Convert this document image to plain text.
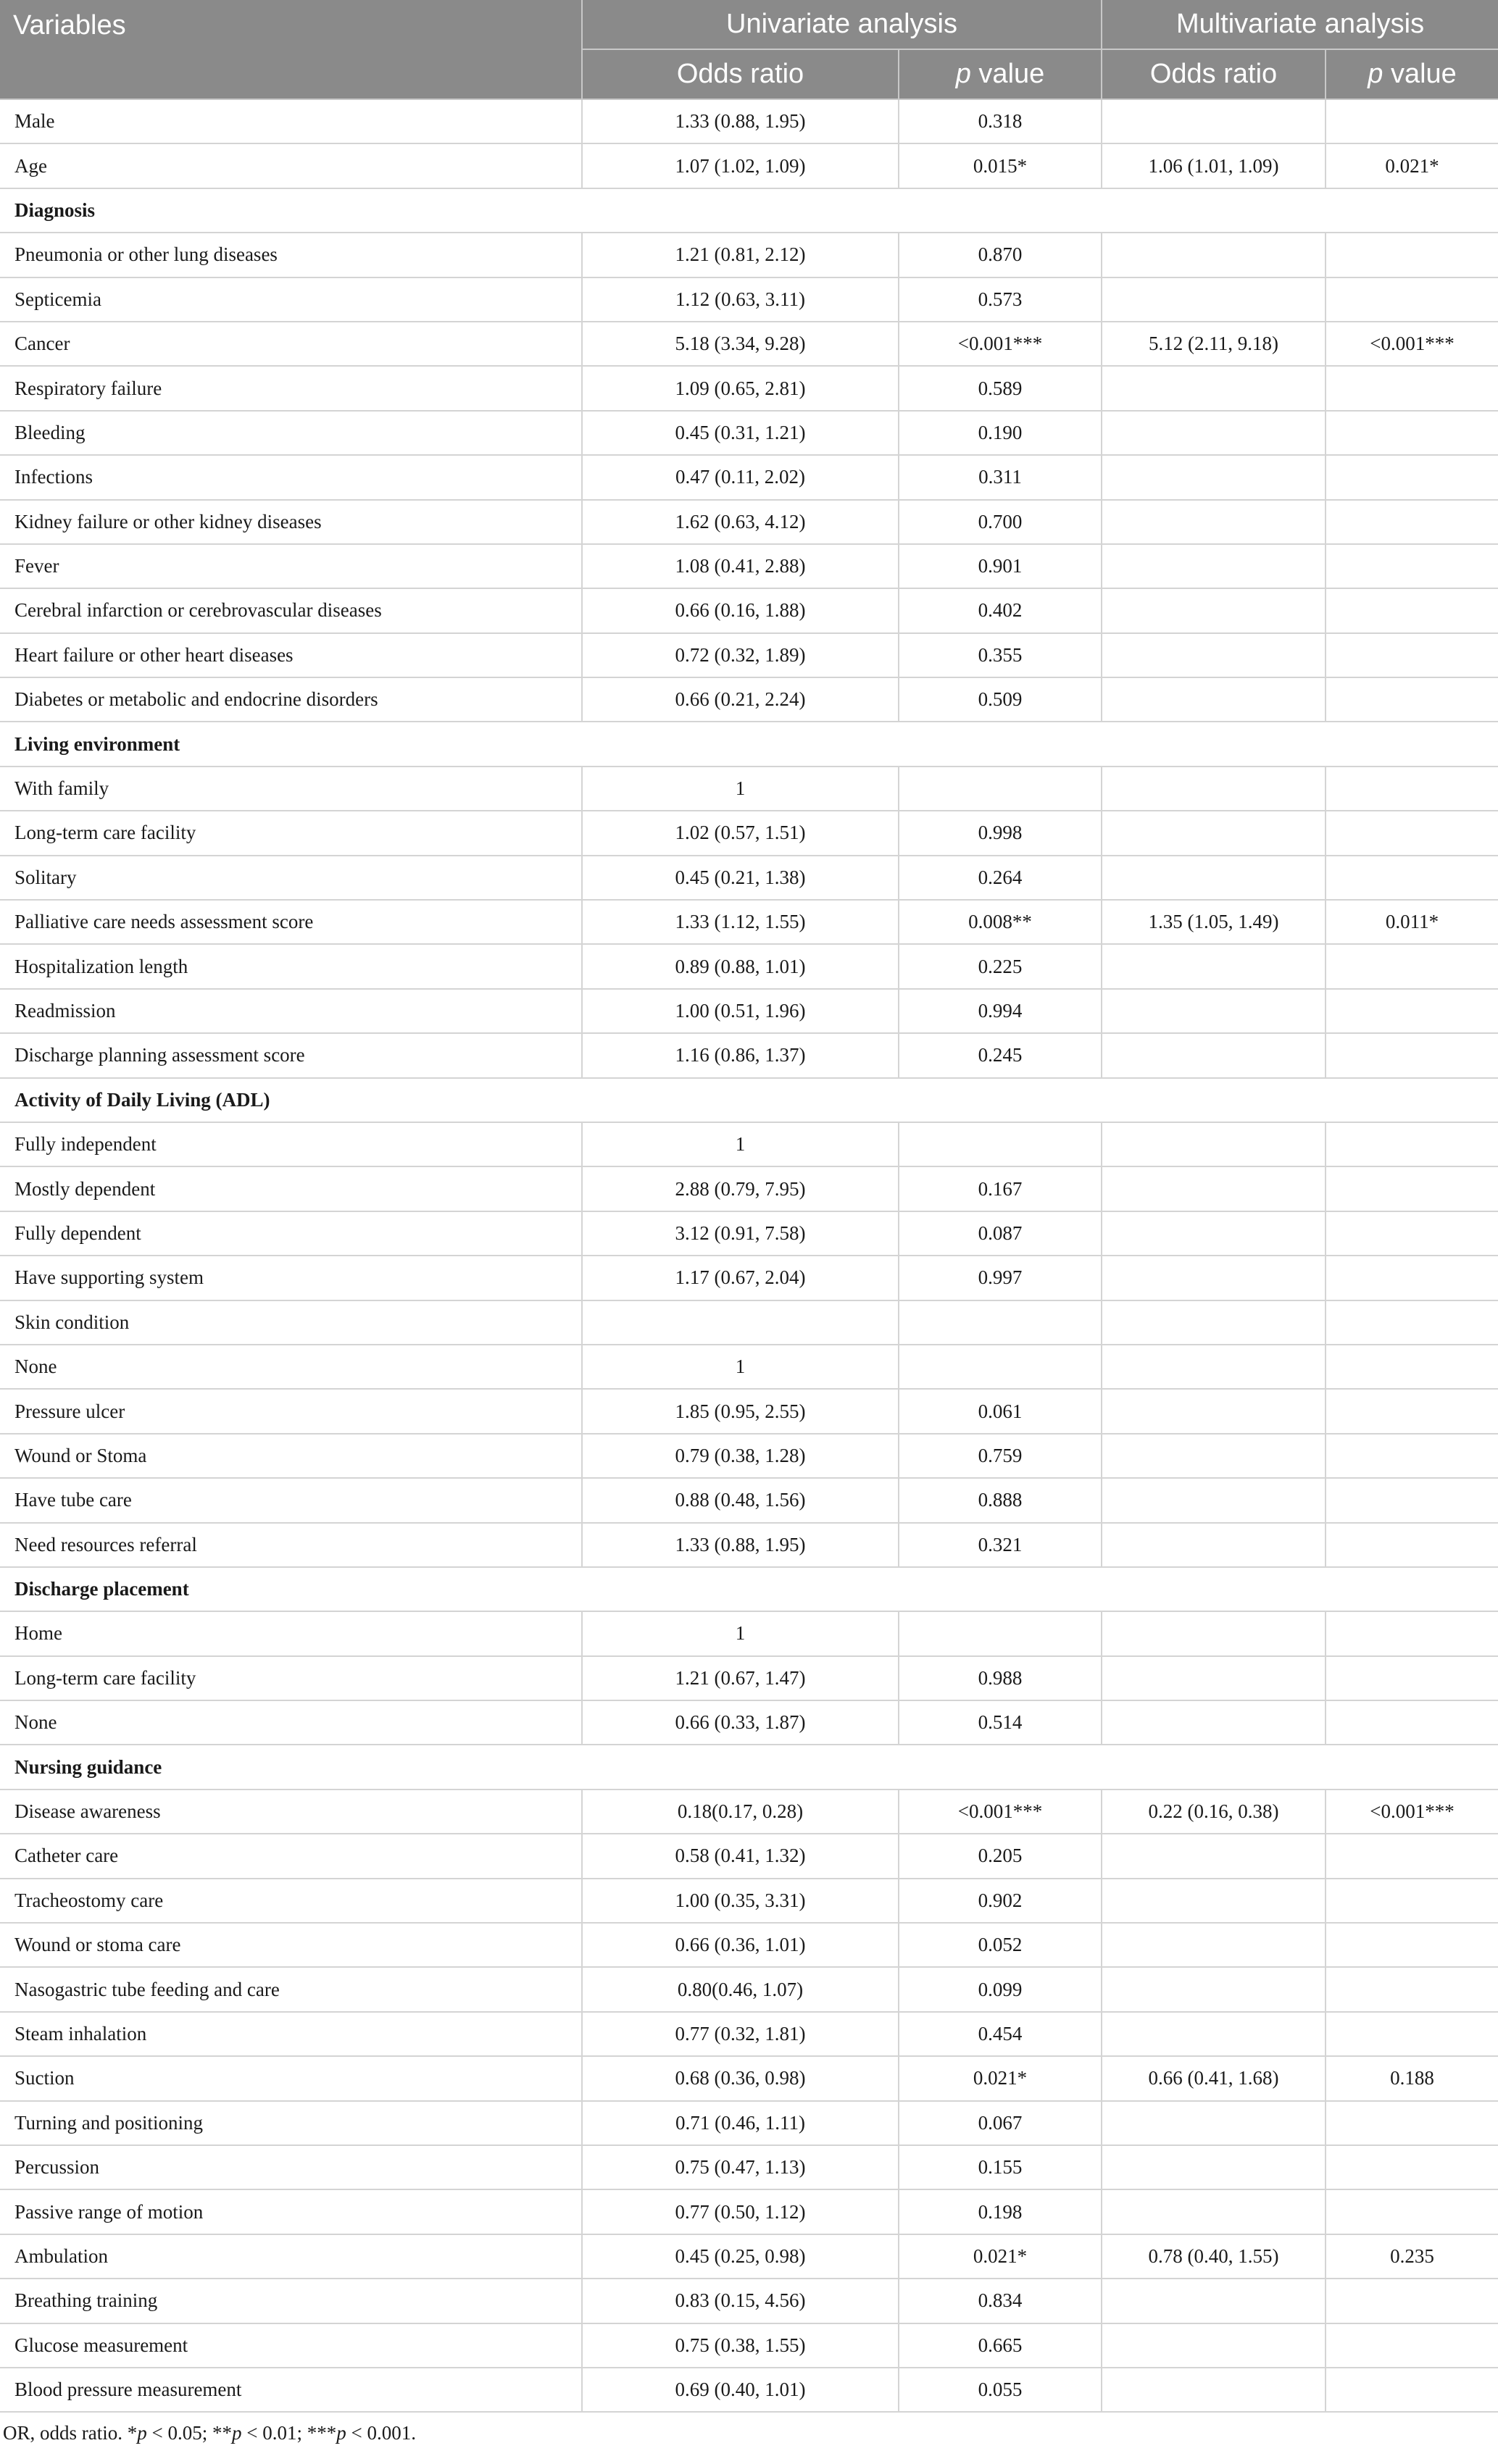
Variables	Univariate analysis		Multivariate analysis	
	Odds ratio	p value	Odds ratio	p value
Male	1.33 (0.88, 1.95)	0.318		
Age	1.07 (1.02, 1.09)	0.015*	1.06 (1.01, 1.09)	0.021*
Diagnosis				
Pneumonia or other lung diseases	1.21 (0.81, 2.12)	0.870		
Septicemia	1.12 (0.63, 3.11)	0.573		
Cancer	5.18 (3.34, 9.28)	<0.001***	5.12 (2.11, 9.18)	<0.001***
Respiratory failure	1.09 (0.65, 2.81)	0.589		
Bleeding	0.45 (0.31, 1.21)	0.190		
Infections	0.47 (0.11, 2.02)	0.311		
Kidney failure or other kidney diseases	1.62 (0.63, 4.12)	0.700		
Fever	1.08 (0.41, 2.88)	0.901		
Cerebral infarction or cerebrovascular diseases	0.66 (0.16, 1.88)	0.402		
Heart failure or other heart diseases	0.72 (0.32, 1.89)	0.355		
Diabetes or metabolic and endocrine disorders	0.66 (0.21, 2.24)	0.509		
Living environment				
With family	1			
Long-term care facility	1.02 (0.57, 1.51)	0.998		
Solitary	0.45 (0.21, 1.38)	0.264		
Palliative care needs assessment score	1.33 (1.12, 1.55)	0.008**	1.35 (1.05, 1.49)	0.011*
Hospitalization length	0.89 (0.88, 1.01)	0.225		
Readmission	1.00 (0.51, 1.96)	0.994		
Discharge planning assessment score	1.16 (0.86, 1.37)	0.245		
Activity of Daily Living (ADL)				
Fully independent	1			
Mostly dependent	2.88 (0.79, 7.95)	0.167		
Fully dependent	3.12 (0.91, 7.58)	0.087		
Have supporting system	1.17 (0.67, 2.04)	0.997		
Skin condition				
None	1			
Pressure ulcer	1.85 (0.95, 2.55)	0.061		
Wound or Stoma	0.79 (0.38, 1.28)	0.759		
Have tube care	0.88 (0.48, 1.56)	0.888		
Need resources referral	1.33 (0.88, 1.95)	0.321		
Discharge placement				
Home	1			
Long-term care facility	1.21 (0.67, 1.47)	0.988		
None	0.66 (0.33, 1.87)	0.514		
Nursing guidance				
Disease awareness	0.18(0.17, 0.28)	<0.001***	0.22 (0.16, 0.38)	<0.001***
Catheter care	0.58 (0.41, 1.32)	0.205		
Tracheostomy care	1.00 (0.35, 3.31)	0.902		
Wound or stoma care	0.66 (0.36, 1.01)	0.052		
Nasogastric tube feeding and care	0.80(0.46, 1.07)	0.099		
Steam inhalation	0.77 (0.32, 1.81)	0.454		
Suction	0.68 (0.36, 0.98)	0.021*	0.66 (0.41, 1.68)	0.188
Turning and positioning	0.71 (0.46, 1.11)	0.067		
Percussion	0.75 (0.47, 1.13)	0.155		
Passive range of motion	0.77 (0.50, 1.12)	0.198		
Ambulation	0.45 (0.25, 0.98)	0.021*	0.78 (0.40, 1.55)	0.235
Breathing training	0.83 (0.15, 4.56)	0.834		
Glucose measurement	0.75 (0.38, 1.55)	0.665		
Blood pressure measurement	0.69 (0.40, 1.01)	0.055		
OR, odds ratio. *p < 0.05; **p < 0.01; ***p < 0.001.
